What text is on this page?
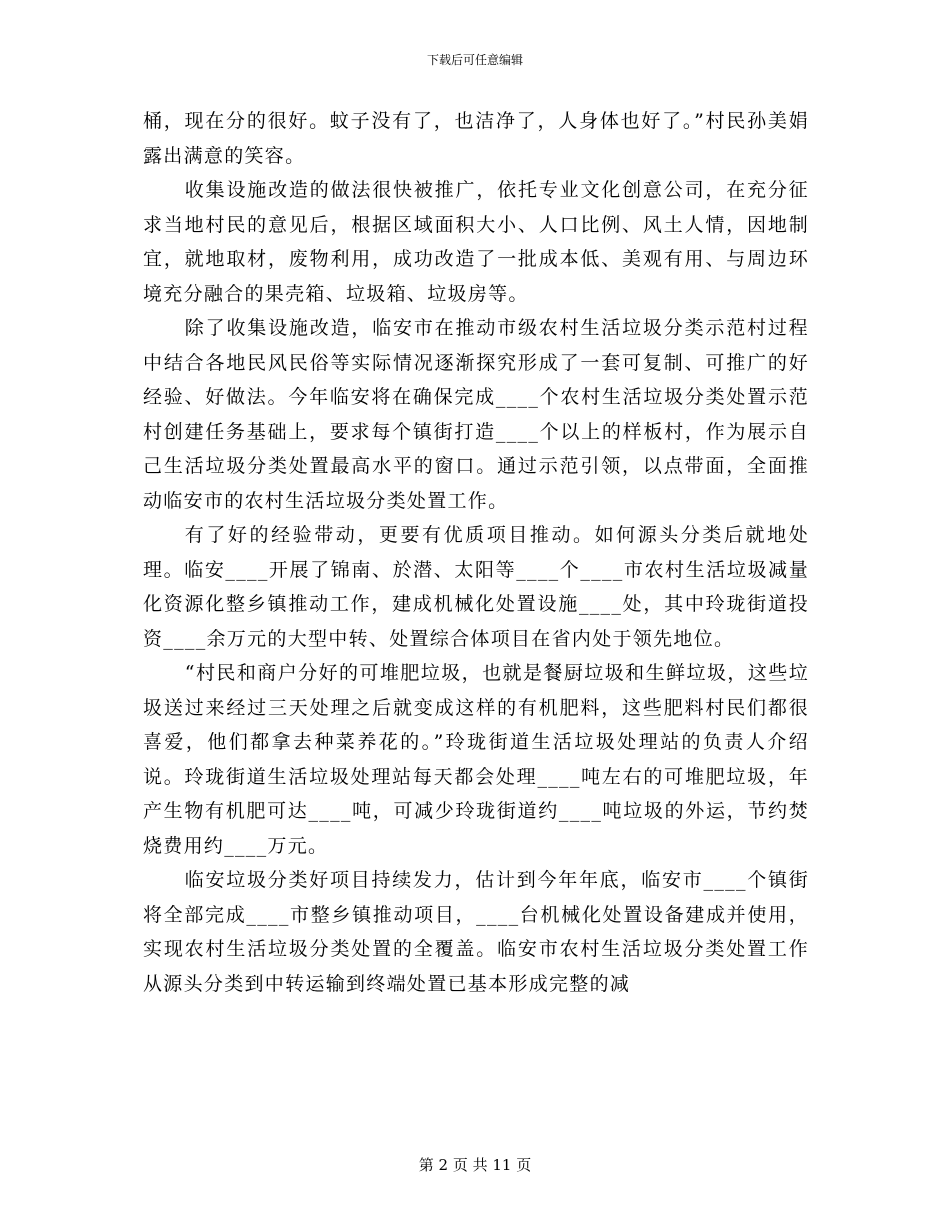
下载后可任意编辑

桶，现在分的很好。蚊子没有了，也洁净了，人身体也好了。”村民孙美娟露出满意的笑容。

收集设施改造的做法很快被推广，依托专业文化创意公司，在充分征求当地村民的意见后，根据区域面积大小、人口比例、风土人情，因地制宜，就地取材，废物利用，成功改造了一批成本低、美观有用、与周边环境充分融合的果壳箱、垃圾箱、垃圾房等。

除了收集设施改造，临安市在推动市级农村生活垃圾分类示范村过程中结合各地民风民俗等实际情况逐渐探究形成了一套可复制、可推广的好经验、好做法。今年临安将在确保完成____个农村生活垃圾分类处置示范村创建任务基础上，要求每个镇街打造____个以上的样板村，作为展示自己生活垃圾分类处置最高水平的窗口。通过示范引领，以点带面，全面推动临安市的农村生活垃圾分类处置工作。

有了好的经验带动，更要有优质项目推动。如何源头分类后就地处理。临安____开展了锦南、於潜、太阳等____个____市农村生活垃圾减量化资源化整乡镇推动工作，建成机械化处置设施____处，其中玲珑街道投资____余万元的大型中转、处置综合体项目在省内处于领先地位。

“村民和商户分好的可堆肥垃圾，也就是餐厨垃圾和生鲜垃圾，这些垃圾送过来经过三天处理之后就变成这样的有机肥料，这些肥料村民们都很喜爱，他们都拿去种菜养花的。”玲珑街道生活垃圾处理站的负责人介绍说。玲珑街道生活垃圾处理站每天都会处理____吨左右的可堆肥垃圾，年产生物有机肥可达____吨，可减少玲珑街道约____吨垃圾的外运，节约焚烧费用约____万元。

临安垃圾分类好项目持续发力，估计到今年年底，临安市____个镇街将全部完成____市整乡镇推动项目，____台机械化处置设备建成并使用，实现农村生活垃圾分类处置的全覆盖。临安市农村生活垃圾分类处置工作从源头分类到中转运输到终端处置已基本形成完整的减

第 2 页 共 11 页
